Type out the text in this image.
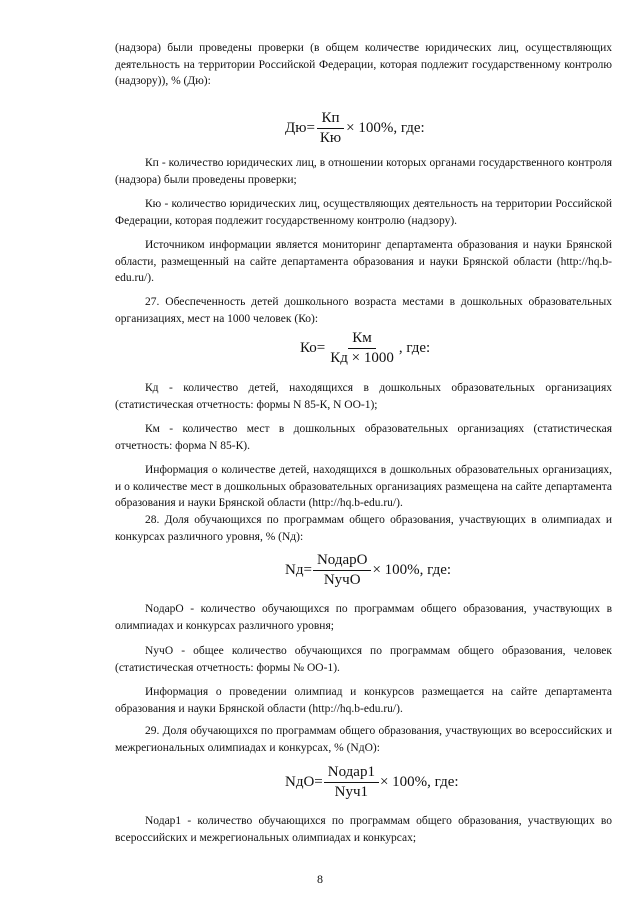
(надзора) были проведены проверки (в общем количестве юридических лиц, осуществляющих деятельность на территории Российской Федерации, которая подлежит государственному контролю (надзору)), % (Дю):

$Дю= \frac{Кп}{Кю} \times 100\%$, где:

Кп - количество юридических лиц, в отношении которых органами государственного контроля (надзора) были проведены проверки;

Кю - количество юридических лиц, осуществляющих деятельность на территории Российской Федерации, которая подлежит государственному контролю (надзору).

Источником информации является мониторинг департамента образования и науки Брянской области, размещенный на сайте департамента образования и науки Брянской области (http://hq.b-edu.ru/).

27. Обеспеченность детей дошкольного возраста местами в дошкольных образовательных организациях, мест на 1000 человек (Ко):

$Ко= \frac{Км}{Кд \times 1000}$ , где:

Кд - количество детей, находящихся в дошкольных образовательных организациях (статистическая отчетность: формы N 85-К, N ОО-1);

Км - количество мест в дошкольных образовательных организациях (статистическая отчетность: форма N 85-К).

Информация о количестве детей, находящихся в дошкольных образовательных организациях, и о количестве мест в дошкольных образовательных организациях размещена на сайте департамента образования и науки Брянской области (http://hq.b-edu.ru/).

28. Доля обучающихся по программам общего образования, участвующих в олимпиадах и конкурсах различного уровня, % (Nд):

$Nд= \frac{\text{NодарО}}{\text{NучО}} \times 100\%$, где:

NодарО - количество обучающихся по программам общего образования, участвующих в олимпиадах и конкурсах различного уровня;

NучО - общее количество обучающихся по программам общего образования, человек (статистическая отчетность: формы № ОО-1).

Информация о проведении олимпиад и конкурсов размещается на сайте департамента образования и науки Брянской области (http://hq.b-edu.ru/).

29. Доля обучающихся по программам общего образования, участвующих во всероссийских и межрегиональных олимпиадах и конкурсах, % (NдО):

$NдО= \frac{\text{Nодар1}}{\text{Nуч1}} \times 100\%$, где:

Nодар1 - количество обучающихся по программам общего образования, участвующих во всероссийских и межрегиональных олимпиадах и конкурсах;

8
